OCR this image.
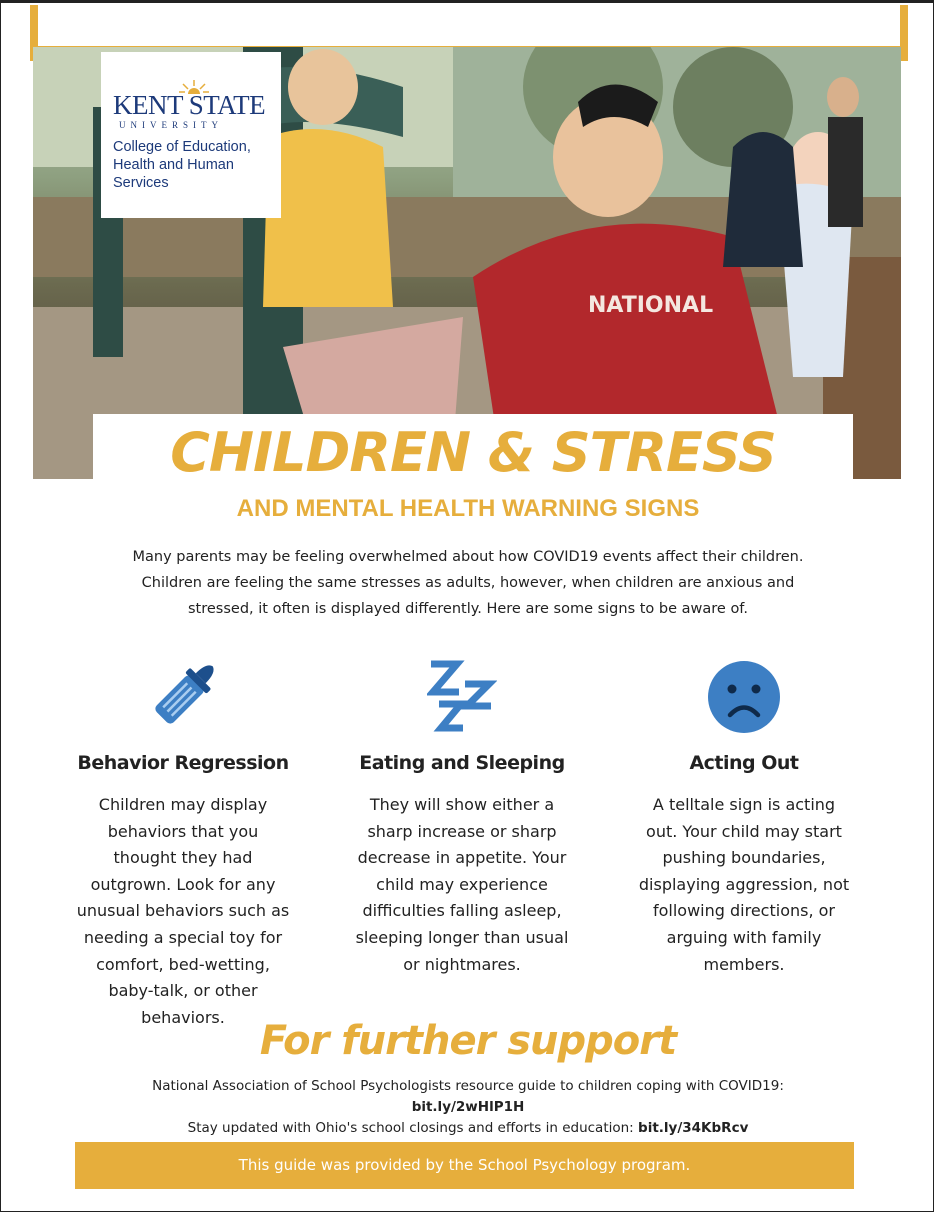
NATIONAL
KENT STATE
UNIVERSITY
College of Education, Health and Human Services
CHILDREN & STRESS
AND MENTAL HEALTH WARNING SIGNS
Many parents may be feeling overwhelmed about how COVID19 events affect their children. Children are feeling the same stresses as adults, however, when children are anxious and stressed, it often is displayed differently. Here are some signs to be aware of.
Behavior Regression

Children may display behaviors that you thought they had outgrown. Look for any unusual behaviors such as needing a special toy for comfort, bed-wetting, baby-talk, or other behaviors.

Eating and Sleeping

They will show either a sharp increase or sharp decrease in appetite. Your child may experience difficulties falling asleep, sleeping longer than usual or nightmares.

Acting Out

A telltale sign is acting out. Your child may start pushing boundaries, displaying aggression, not following directions, or arguing with family members.

For further support
National Association of School Psychologists resource guide to children coping with COVID19:
bit.ly/2wHlP1H
Stay updated with Ohio's school closings and efforts in education: bit.ly/34KbRcv
This guide was provided by the School Psychology program.
